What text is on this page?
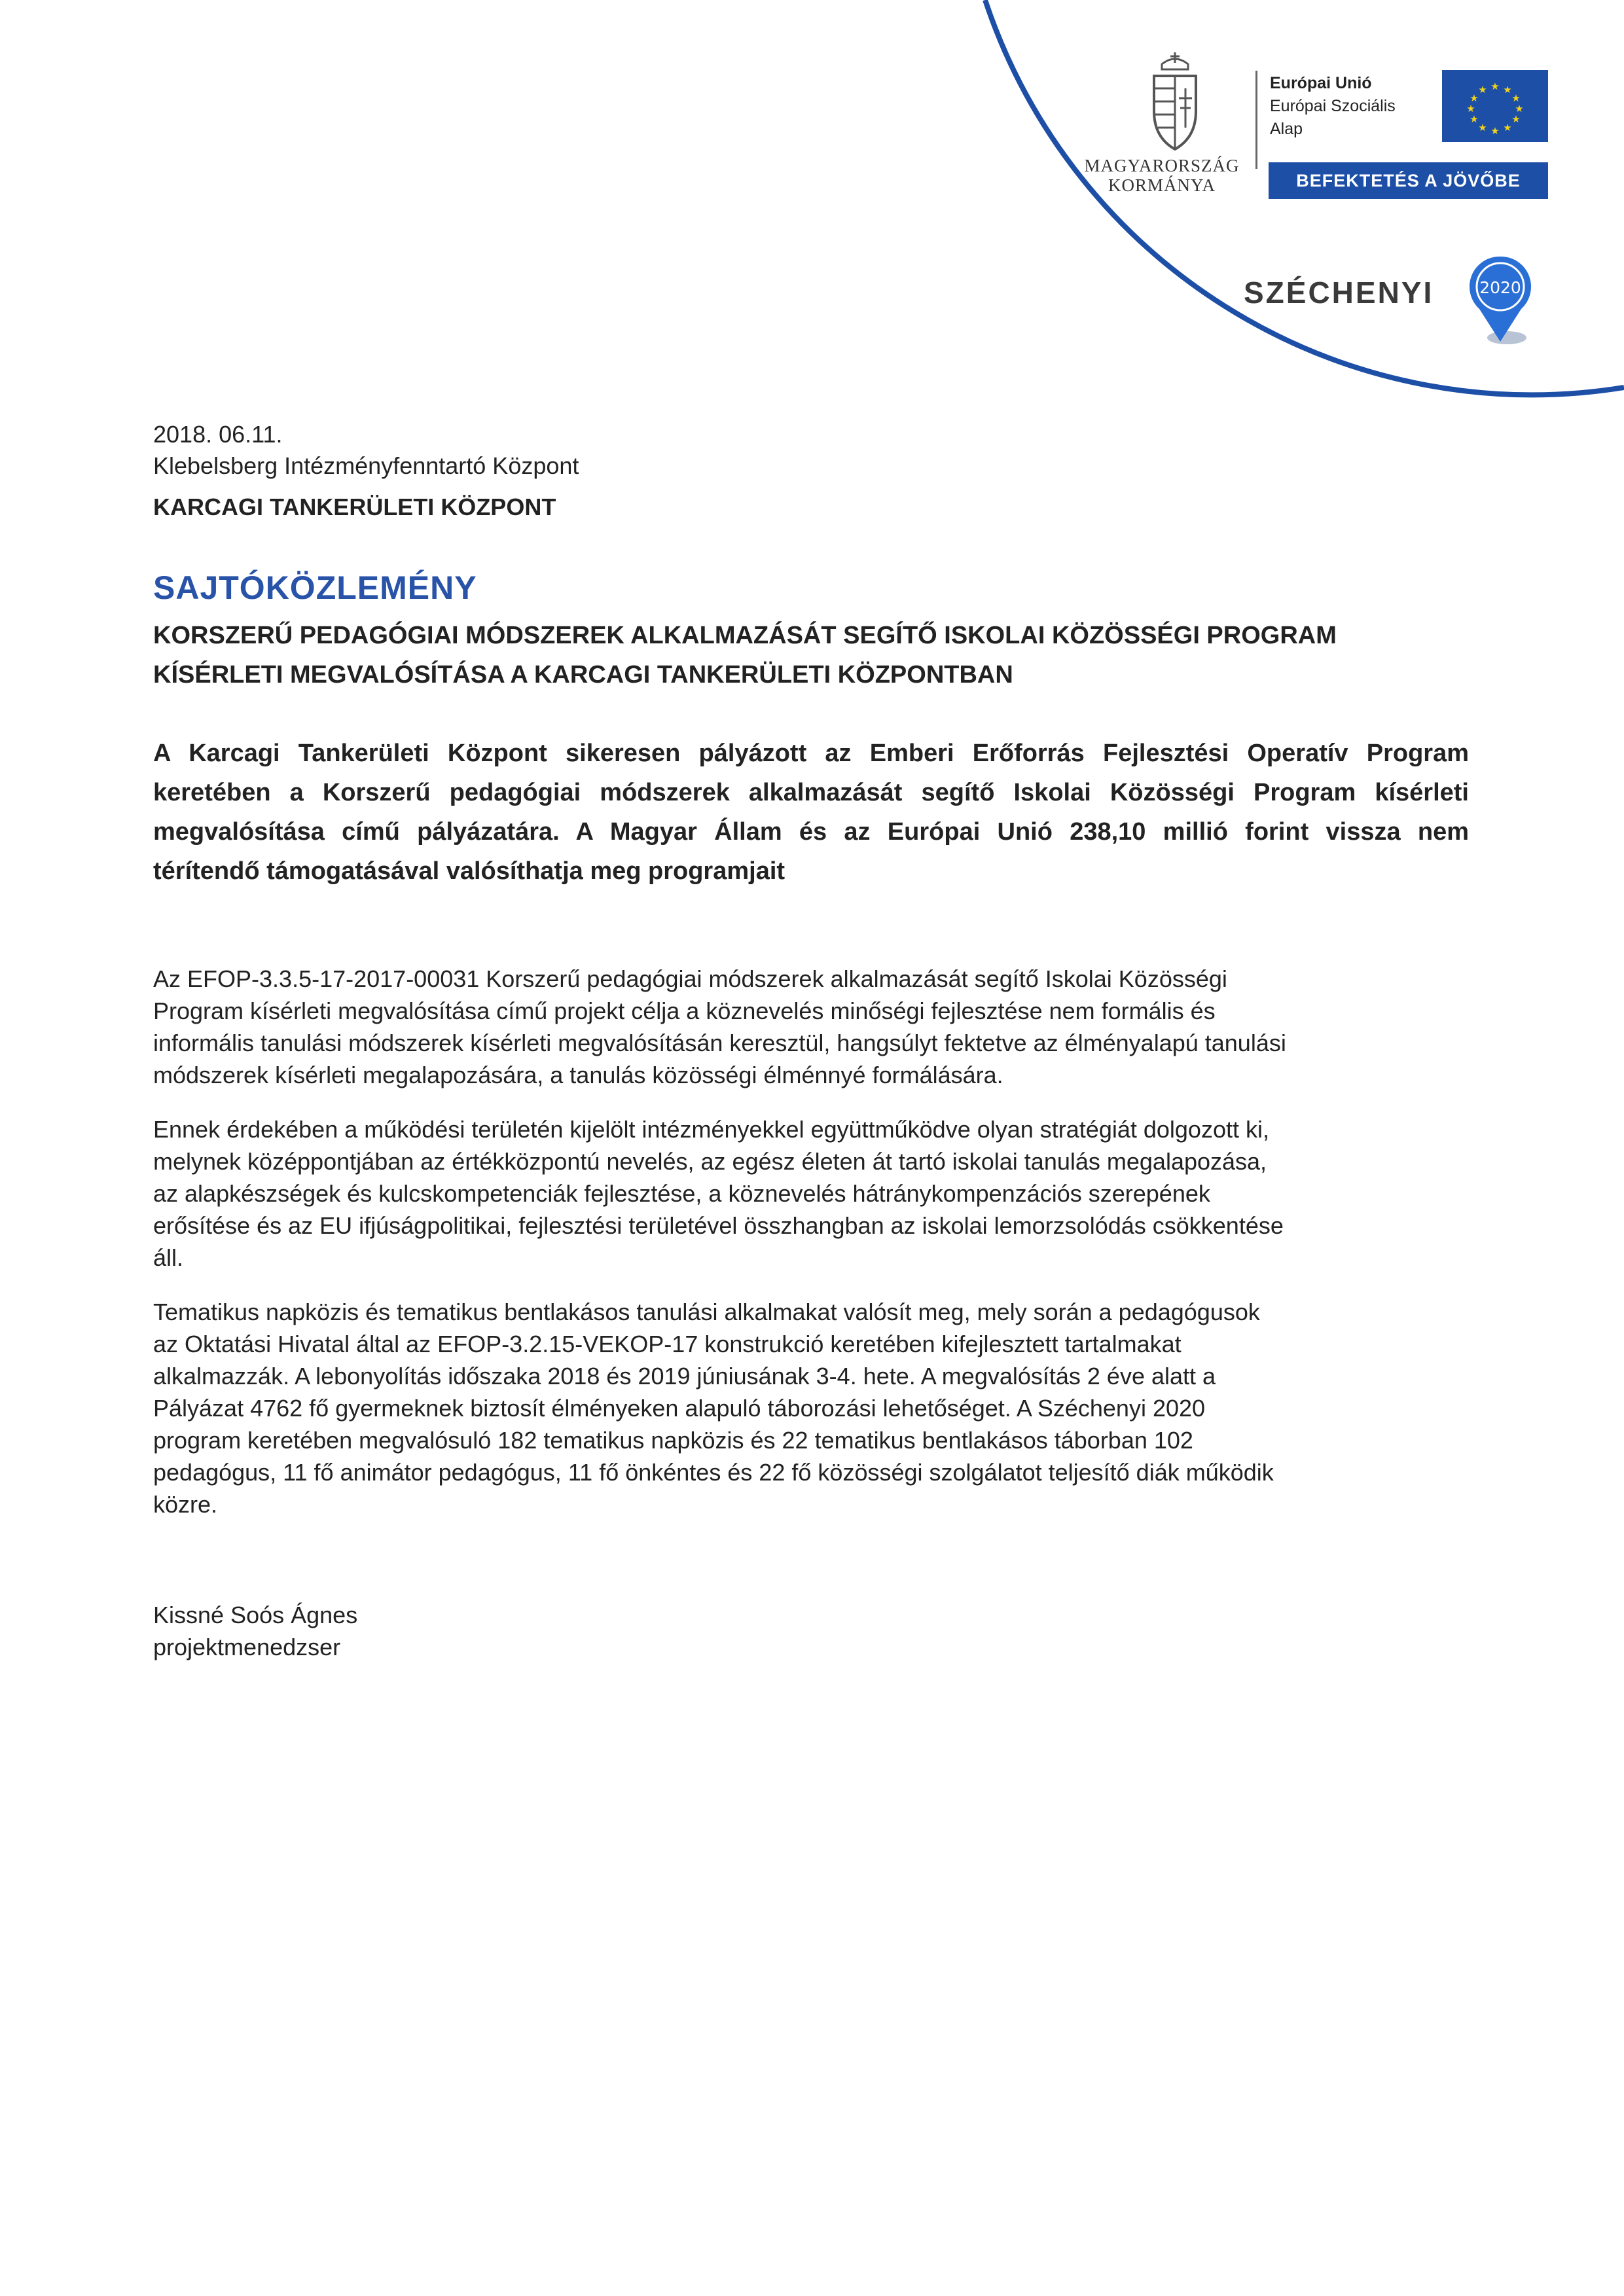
MAGYARORSZÁG
KORMÁNYA
Európai Unió
Európai Szociális
Alap
★ ★
★
★
★
★
★
★
★
★
★
★
BEFEKTETÉS A JÖVŐBE
SZÉCHENYI	2020
2018. 06.11.
Klebelsberg Intézményfenntartó Központ
KARCAGI TANKERÜLETI KÖZPONT
SAJTÓKÖZLEMÉNY
KORSZERŰ PEDAGÓGIAI MÓDSZEREK ALKALMAZÁSÁT SEGÍTŐ ISKOLAI KÖZÖSSÉGI PROGRAM
KÍSÉRLETI MEGVALÓSÍTÁSA A KARCAGI TANKERÜLETI KÖZPONTBAN
A Karcagi Tankerületi Központ sikeresen pályázott az Emberi Erőforrás Fejlesztési Operatív Program
keretében a Korszerű pedagógiai módszerek alkalmazását segítő Iskolai Közösségi Program kísérleti
megvalósítása című pályázatára. A Magyar Állam és az Európai Unió 238,10 millió forint vissza nem
térítendő támogatásával valósíthatja meg programjait
Az EFOP-3.3.5-17-2017-00031 Korszerű pedagógiai módszerek alkalmazását segítő Iskolai Közösségi
Program kísérleti megvalósítása című projekt célja a köznevelés minőségi fejlesztése nem formális és
informális tanulási módszerek kísérleti megvalósításán keresztül, hangsúlyt fektetve az élményalapú tanulási
módszerek kísérleti megalapozására, a tanulás közösségi élménnyé formálására.
Ennek érdekében a működési területén kijelölt intézményekkel együttműködve olyan stratégiát dolgozott ki,
melynek középpontjában az értékközpontú nevelés, az egész életen át tartó iskolai tanulás megalapozása,
az alapkészségek és kulcskompetenciák fejlesztése, a köznevelés hátránykompenzációs szerepének
erősítése és az EU ifjúságpolitikai, fejlesztési területével összhangban az iskolai lemorzsolódás csökkentése
áll.
Tematikus napközis és tematikus bentlakásos tanulási alkalmakat valósít meg, mely során a pedagógusok
az Oktatási Hivatal által az EFOP-3.2.15-VEKOP-17 konstrukció keretében kifejlesztett tartalmakat
alkalmazzák. A lebonyolítás időszaka 2018 és 2019 júniusának 3-4. hete. A megvalósítás 2 éve alatt a
Pályázat 4762 fő gyermeknek biztosít élményeken alapuló táborozási lehetőséget. A Széchenyi 2020
program keretében megvalósuló 182 tematikus napközis és 22 tematikus bentlakásos táborban 102
pedagógus, 11 fő animátor pedagógus, 11 fő önkéntes és 22 fő közösségi szolgálatot teljesítő diák működik
közre.
Kissné Soós Ágnes
projektmenedzser
